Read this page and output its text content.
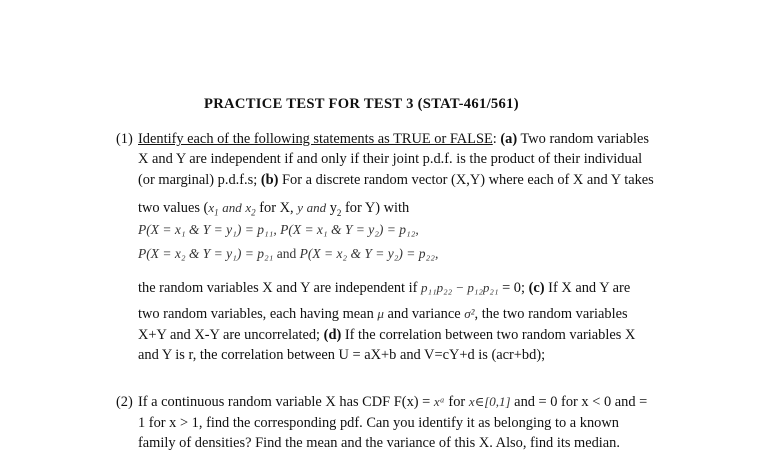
PRACTICE TEST FOR TEST 3 (STAT-461/561)
(1) Identify each of the following statements as TRUE or FALSE: (a) Two random variables
X and Y are independent if and only if their joint p.d.f. is the product of their individual
(or marginal) p.d.f.s; (b) For a discrete random vector (X,Y) where each of X and Y takes
two values ($x_1$ and $x_2$ for X, y and $y_2$ for Y) with
P(X = x₁ & Y = y₁) = p₁₁, P(X = x₁ & Y = y₂) = p₁₂,
P(X = x₂ & Y = y₁) = p₂₁ and P(X = x₂ & Y = y₂) = p₂₂,
the random variables X and Y are independent if p₁₁p₂₂ − p₁₂p₂₁ = 0; (c) If X and Y are
two random variables, each having mean μ and variance σ², the two random variables
X+Y and X-Y are uncorrelated; (d) If the correlation between two random variables X
and Y is r, the correlation between U = aX+b and V=cY+d is (acr+bd);
(2) If a continuous random variable X has CDF F(x) = xᵃ for x∈[0,1] and = 0 for x < 0 and =
1 for x > 1, find the corresponding pdf. Can you identify it as belonging to a known
family of densities? Find the mean and the variance of this X. Also, find its median.
